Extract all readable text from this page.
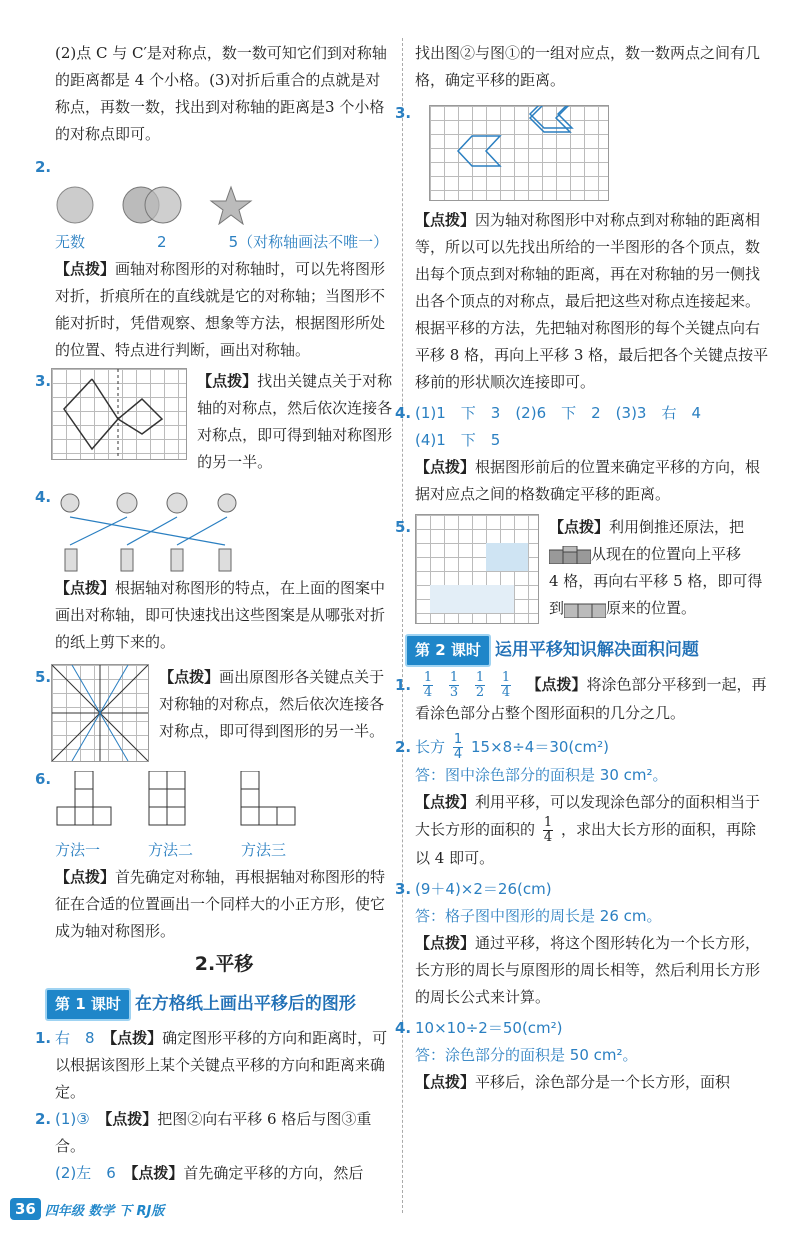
(2)点 C 与 C′是对称点，数一数可知它们到对称轴的距离都是 4 个小格。(3)对折后重合的点就是对称点，再数一数，找出到对称轴的距离是3 个小格的对称点即可。

2.
无数	2	5（对称轴画法不唯一）

【点拨】画轴对称图形的对称轴时，可以先将图形对折，折痕所在的直线就是它的对称轴；当图形不能对折时，凭借观察、想象等方法，根据图形所处的位置、特点进行判断，画出对称轴。

3.	【点拨】找出关键点关于对称轴的对称点，然后依次连接各对称点，即可得到轴对称图形的另一半。

4.

【点拨】根据轴对称图形的特点，在上面的图案中画出对称轴，即可快速找出这些图案是从哪张对折的纸上剪下来的。

5.	【点拨】画出原图形各关键点关于对称轴的对称点，然后依次连接各对称点，即可得到图形的另一半。

6.
方法一	方法二	方法三

【点拨】首先确定对称轴，再根据轴对称图形的特征在合适的位置画出一个同样大的小正方形，使它成为轴对称图形。

2.平移
第 1 课时 在方格纸上画出平移后的图形

1. 右　8　 【点拨】确定图形平移的方向和距离时，可以根据该图形上某个关键点平移的方向和距离来确定。

2. (1)③　 【点拨】把图②向右平移 6 格后与图③重合。

(2)左　6　 【点拨】首先确定平移的方向，然后

找出图②与图①的一组对应点，数一数两点之间有几格，确定平移的距离。

3.

【点拨】因为轴对称图形中对称点到对称轴的距离相等，所以可以先找出所给的一半图形的各个顶点，数出每个顶点到对称轴的距离，再在对称轴的另一侧找出各个顶点的对称点，最后把这些对称点连接起来。根据平移的方法，先把轴对称图形的每个关键点向右平移 8 格，再向上平移 3 格，最后把各个关键点按平移前的形状顺次连接即可。

4. (1)1　下　3　(2)6　下　2　(3)3　右　4

(4)1　下　5

【点拨】根据图形前后的位置来确定平移的方向，根据对应点之间的格数确定平移的距离。

5.	【点拨】利用倒推还原法，把

从现在的位置向上平移

4 格，再向右平移 5 格，即可得

到	原来的位置。

第 2 课时 运用平移知识解决面积问题

1. $\frac{1}{4} \frac{1}{3} \frac{1}{2} \frac{1}{4}$
　 【点拨】将涂色部分平移到一起，再看涂色部分占整个图形面积的几分之几。

2. 长方 $\frac{1}{4} 15\times 8\div 4=30(cm^2)$

答：图中涂色部分的面积是 30 cm²。

【点拨】利用平移，可以发现涂色部分的面积相当于大长方形的面积的 $\frac{1}{4}$ ，求出大长方形的面积，再除以 4 即可。

3. (9＋4)×2＝26(cm)

答：格子图中图形的周长是 26 cm。

【点拨】通过平移，将这个图形转化为一个长方形，长方形的周长与原图形的周长相等，然后利用长方形的周长公式来计算。

4. 10×10÷2＝50(cm²)

答：涂色部分的面积是 50 cm²。

【点拨】平移后，涂色部分是一个长方形，面积

36 四年级 数学 下 RJ版
